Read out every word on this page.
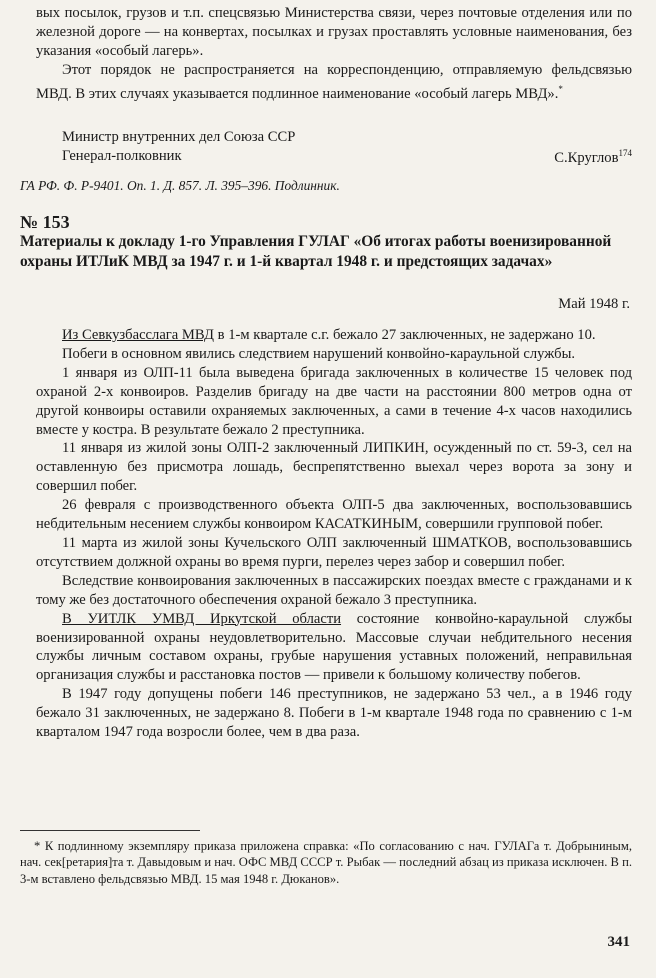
вых посылок, грузов и т.п. спецсвязью Министерства связи, через почтовые отделения или по железной дороге — на конвертах, посылках и грузах проставлять условные наименования, без указания «особый лагерь».

Этот порядок не распространяется на корреспонденцию, отправляемую фельдсвязью МВД. В этих случаях указывается подлинное наименование «особый лагерь МВД».*

Министр внутренних дел Союза ССР
Генерал-полковник	С.Круглов$^{174}$
ГА РФ. Ф. Р-9401. Оп. 1. Д. 857. Л. 395–396. Подлинник.
№ 153
Материалы к докладу 1-го Управления ГУЛАГ «Об итогах работы военизированной охраны ИТЛиК МВД за 1947 г. и 1-й квартал 1948 г. и предстоящих задачах»
Май 1948 г.

Из Севкузбасслага МВД в 1-м квартале с.г. бежало 27 заключенных, не задержано 10.

Побеги в основном явились следствием нарушений конвойно-караульной службы.

1 января из ОЛП-11 была выведена бригада заключенных в количестве 15 человек под охраной 2-х конвоиров. Разделив бригаду на две части на расстоянии 800 метров одна от другой конвоиры оставили охраняемых заключенных, а сами в течение 4-х часов находились вместе у костра. В результате бежало 2 преступника.

11 января из жилой зоны ОЛП-2 заключенный ЛИПКИН, осужденный по ст. 59-3, сел на оставленную без присмотра лошадь, беспрепятственно выехал через ворота за зону и совершил побег.

26 февраля с производственного объекта ОЛП-5 два заключенных, воспользовавшись небдительным несением службы конвоиром КАСАТКИНЫМ, совершили групповой побег.

11 марта из жилой зоны Кучельского ОЛП заключенный ШМАТКОВ, воспользовавшись отсутствием должной охраны во время пурги, перелез через забор и совершил побег.

Вследствие конвоирования заключенных в пассажирских поездах вместе с гражданами и к тому же без достаточного обеспечения охраной бежало 3 преступника.

В УИТЛК УМВД Иркутской области состояние конвойно-караульной службы военизированной охраны неудовлетворительно. Массовые случаи небдительного несения службы личным составом охраны, грубые нарушения уставных положений, неправильная организация службы и расстановка постов — привели к большому количеству побегов.

В 1947 году допущены побеги 146 преступников, не задержано 53 чел., а в 1946 году бежало 31 заключенных, не задержано 8. Побеги в 1-м квартале 1948 года по сравнению с 1-м кварталом 1947 года возросли более, чем в два раза.

* К подлинному экземпляру приказа приложена справка: «По согласованию с нач. ГУЛАГа т. Добрыниным, нач. сек[ретария]та т. Давыдовым и нач. ОФС МВД СССР т. Рыбак — последний абзац из приказа исключен. В п. 3-м вставлено фельдсвязью МВД. 15 мая 1948 г. Дюканов».

341
